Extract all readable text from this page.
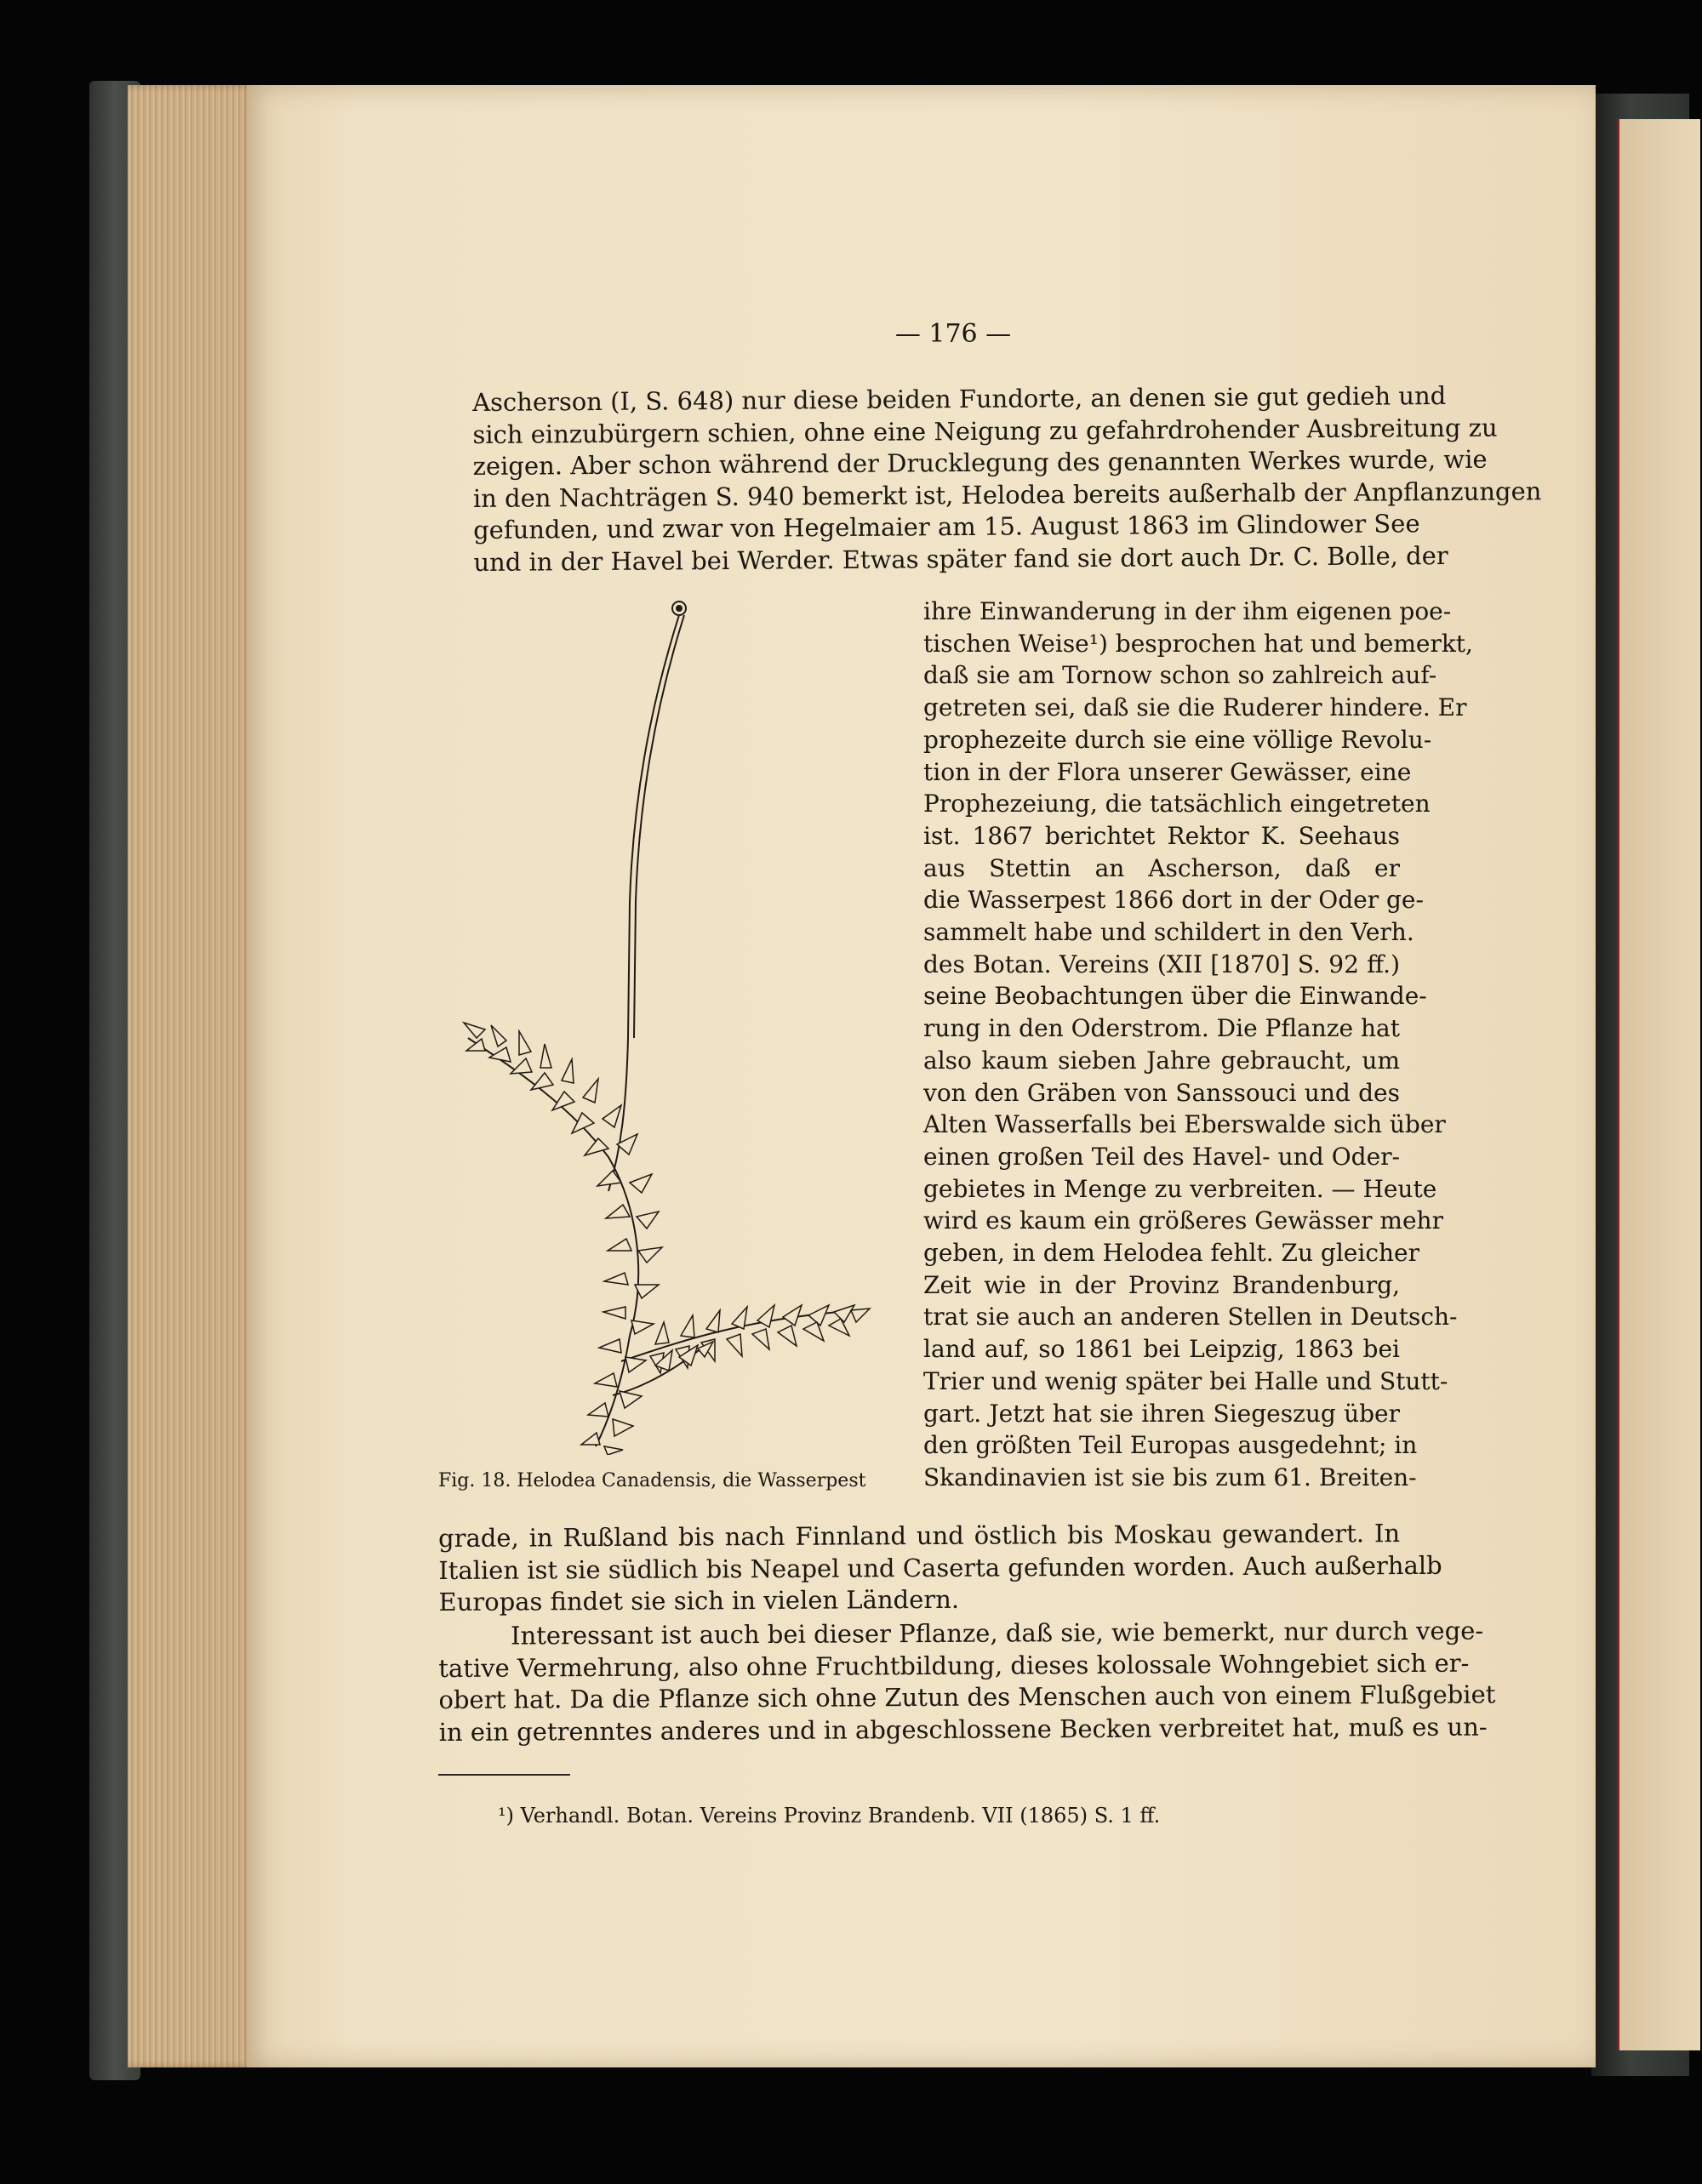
— 176 —
Ascherson (I, S. 648) nur diese beiden Fundorte, an denen sie gut gedieh und
sich einzubürgern schien, ohne eine Neigung zu gefahrdrohender Ausbreitung zu
zeigen. Aber schon während der Drucklegung des genannten Werkes wurde, wie
in den Nachträgen S. 940 bemerkt ist, Helodea bereits außerhalb der Anpflanzungen
gefunden, und zwar von Hegelmaier am 15. August 1863 im Glindower See
und in der Havel bei Werder. Etwas später fand sie dort auch Dr. C. Bolle, der
ihre Einwanderung in der ihm eigenen poe-
tischen Weise¹) besprochen hat und bemerkt,
daß sie am Tornow schon so zahlreich auf-
getreten sei, daß sie die Ruderer hindere. Er
prophezeite durch sie eine völlige Revolu-
tion in der Flora unserer Gewässer, eine
Prophezeiung, die tatsächlich eingetreten
ist. 1867 berichtet Rektor K. Seehaus
aus Stettin an Ascherson, daß er
die Wasserpest 1866 dort in der Oder ge-
sammelt habe und schildert in den Verh.
des Botan. Vereins (XII [1870] S. 92 ff.)
seine Beobachtungen über die Einwande-
rung in den Oderstrom. Die Pflanze hat
also kaum sieben Jahre gebraucht, um
von den Gräben von Sanssouci und des
Alten Wasserfalls bei Eberswalde sich über
einen großen Teil des Havel- und Oder-
gebietes in Menge zu verbreiten. — Heute
wird es kaum ein größeres Gewässer mehr
geben, in dem Helodea fehlt. Zu gleicher
Zeit wie in der Provinz Brandenburg,
trat sie auch an anderen Stellen in Deutsch-
land auf, so 1861 bei Leipzig, 1863 bei
Trier und wenig später bei Halle und Stutt-
gart. Jetzt hat sie ihren Siegeszug über
den größten Teil Europas ausgedehnt; in
Skandinavien ist sie bis zum 61. Breiten-
Fig. 18. Helodea Canadensis, die Wasserpest
grade, in Rußland bis nach Finnland und östlich bis Moskau gewandert. In
Italien ist sie südlich bis Neapel und Caserta gefunden worden. Auch außerhalb
Europas findet sie sich in vielen Ländern.
Interessant ist auch bei dieser Pflanze, daß sie, wie bemerkt, nur durch vege-
tative Vermehrung, also ohne Fruchtbildung, dieses kolossale Wohngebiet sich er-
obert hat. Da die Pflanze sich ohne Zutun des Menschen auch von einem Flußgebiet
in ein getrenntes anderes und in abgeschlossene Becken verbreitet hat, muß es un-
¹) Verhandl. Botan. Vereins Provinz Brandenb. VII (1865) S. 1 ff.
